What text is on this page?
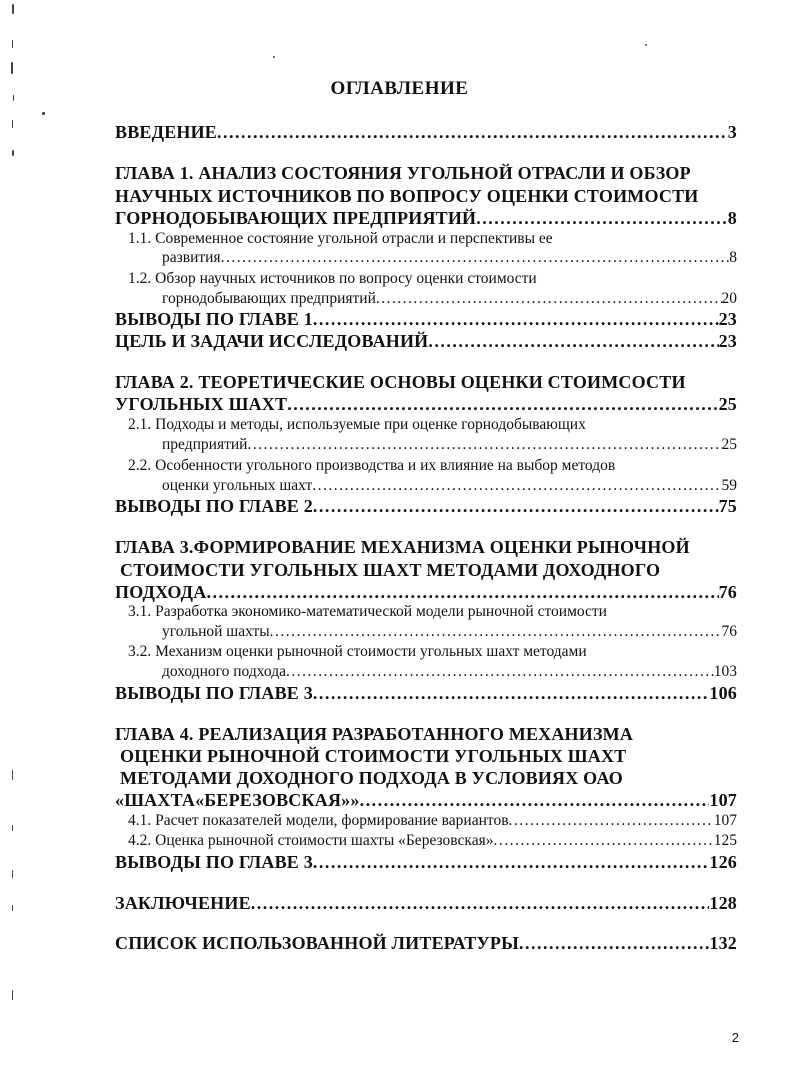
ОГЛАВЛЕНИЕ
ВВЕДЕНИЕ .....	3
ГЛАВА 1. АНАЛИЗ СОСТОЯНИЯ УГОЛЬНОЙ ОТРАСЛИ И ОБЗОР
НАУЧНЫХ ИСТОЧНИКОВ ПО ВОПРОСУ ОЦЕНКИ СТОИМОСТИ
ГОРНОДОБЫВАЮЩИХ ПРЕДПРИЯТИЙ .....	8
1.1. Современное состояние угольной отрасли и перспективы ее
развития .....	8
1.2. Обзор научных источников по вопросу оценки стоимости
горнодобывающих предприятий .....	20
ВЫВОДЫ ПО ГЛАВЕ 1 .....	23
ЦЕЛЬ И ЗАДАЧИ ИССЛЕДОВАНИЙ .....	23
ГЛАВА 2. ТЕОРЕТИЧЕСКИЕ ОСНОВЫ ОЦЕНКИ СТОИМСОСТИ
УГОЛЬНЫХ ШАХТ .....	25
2.1. Подходы и методы, используемые при оценке горнодобывающих
предприятий .....	25
2.2. Особенности угольного производства и их влияние на выбор методов
оценки угольных шахт .....	59
ВЫВОДЫ ПО ГЛАВЕ 2 .....	75
ГЛАВА 3.ФОРМИРОВАНИЕ МЕХАНИЗМА ОЦЕНКИ РЫНОЧНОЙ
СТОИМОСТИ УГОЛЬНЫХ ШАХТ МЕТОДАМИ ДОХОДНОГО
ПОДХОДА .....	76
3.1. Разработка экономико-математической модели рыночной стоимости
угольной шахты .....	76
3.2. Механизм оценки рыночной стоимости угольных шахт методами
доходного подхода .....	103
ВЫВОДЫ ПО ГЛАВЕ 3 .....	106
ГЛАВА 4. РЕАЛИЗАЦИЯ РАЗРАБОТАННОГО МЕХАНИЗМА
ОЦЕНКИ РЫНОЧНОЙ СТОИМОСТИ УГОЛЬНЫХ ШАХТ
МЕТОДАМИ ДОХОДНОГО ПОДХОДА В УСЛОВИЯХ ОАО
«ШАХТА«БЕРЕЗОВСКАЯ»» .....	107
4.1. Расчет показателей модели, формирование вариантов .....	107
4.2. Оценка рыночной стоимости шахты «Березовская» .....	125
ВЫВОДЫ ПО ГЛАВЕ 3 .....	126
ЗАКЛЮЧЕНИЕ .....	128
СПИСОК ИСПОЛЬЗОВАННОЙ ЛИТЕРАТУРЫ .....	132
2
